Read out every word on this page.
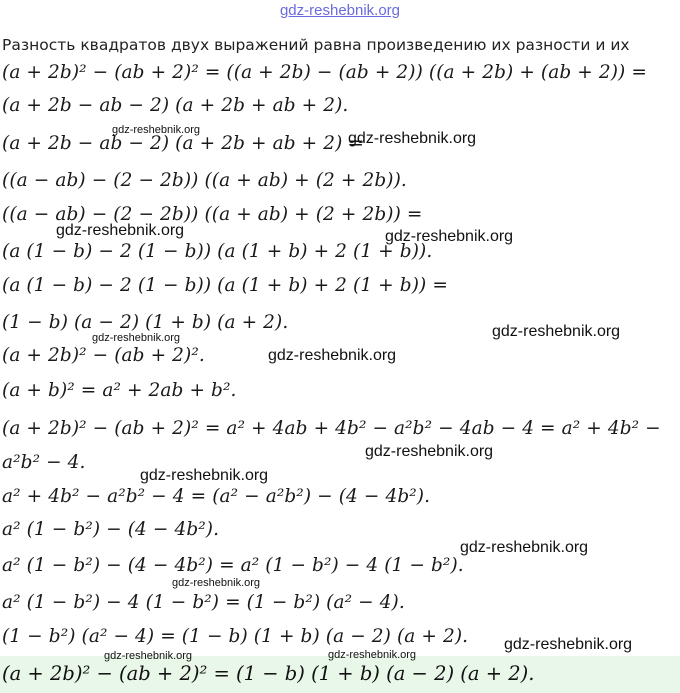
gdz-reshebnik.org
Разность квадратов двух выражений равна произведению их разности и их
(a + 2b)² − (ab + 2)² = ((a + 2b) − (ab + 2)) ((a + 2b) + (ab + 2)) =
(a + 2b − ab − 2) (a + 2b + ab + 2).
(a + 2b − ab − 2) (a + 2b + ab + 2) =
((a − ab) − (2 − 2b)) ((a + ab) + (2 + 2b)).
((a − ab) − (2 − 2b)) ((a + ab) + (2 + 2b)) =
(a (1 − b) − 2 (1 − b)) (a (1 + b) + 2 (1 + b)).
(a (1 − b) − 2 (1 − b)) (a (1 + b) + 2 (1 + b)) =
(1 − b) (a − 2) (1 + b) (a + 2).
(a + 2b)² − (ab + 2)².
(a + b)² = a² + 2ab + b².
(a + 2b)² − (ab + 2)² = a² + 4ab + 4b² − a²b² − 4ab − 4 = a² + 4b² −
a²b² − 4.
a² + 4b² − a²b² − 4 = (a² − a²b²) − (4 − 4b²).
a² (1 − b²) − (4 − 4b²).
a² (1 − b²) − (4 − 4b²) = a² (1 − b²) − 4 (1 − b²).
a² (1 − b²) − 4 (1 − b²) = (1 − b²) (a² − 4).
(1 − b²) (a² − 4) = (1 − b) (1 + b) (a − 2) (a + 2).
(a + 2b)² − (ab + 2)² = (1 − b) (1 + b) (a − 2) (a + 2).
gdz-reshebnik.org	gdz-reshebnik.org
gdz-reshebnik.org	gdz-reshebnik.org
gdz-reshebnik.org
gdz-reshebnik.org
gdz-reshebnik.org
gdz-reshebnik.org
gdz-reshebnik.org
gdz-reshebnik.org
gdz-reshebnik.org
gdz-reshebnik.org
gdz-reshebnik.org	gdz-reshebnik.org
